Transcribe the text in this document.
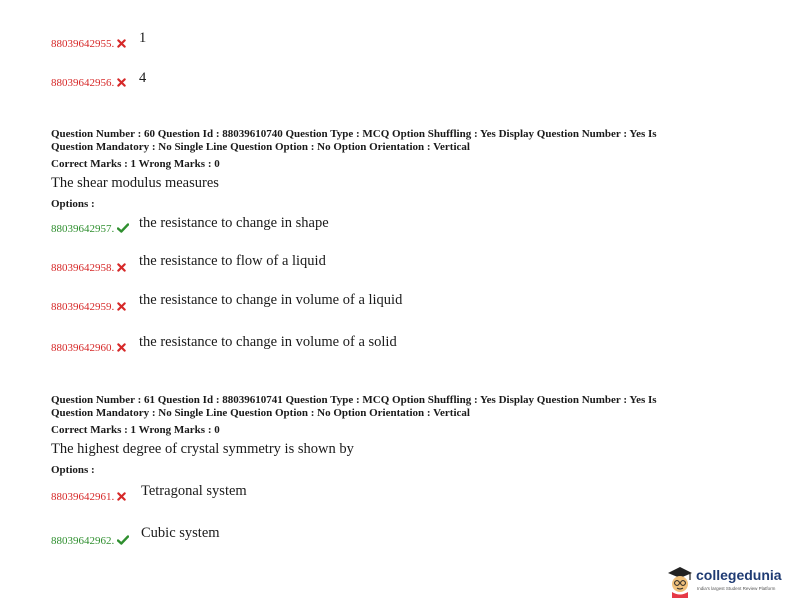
88039642955.	1
88039642956.	4
Question Number : 60 Question Id : 88039610740 Question Type : MCQ Option Shuffling : Yes Display Question Number : Yes Is
Question Mandatory : No Single Line Question Option : No Option Orientation : Vertical
Correct Marks : 1 Wrong Marks : 0
The shear modulus measures
Options :
88039642957.	the resistance to change in shape
88039642958.	the resistance to flow of a liquid
88039642959.	the resistance to change in volume of a liquid
88039642960.	the resistance to change in volume of a solid
Question Number : 61 Question Id : 88039610741 Question Type : MCQ Option Shuffling : Yes Display Question Number : Yes Is
Question Mandatory : No Single Line Question Option : No Option Orientation : Vertical
Correct Marks : 1 Wrong Marks : 0
The highest degree of crystal symmetry is shown by
Options :
88039642961.	Tetragonal system
88039642962.	Cubic system
collegedunia
India's largest Student Review Platform
